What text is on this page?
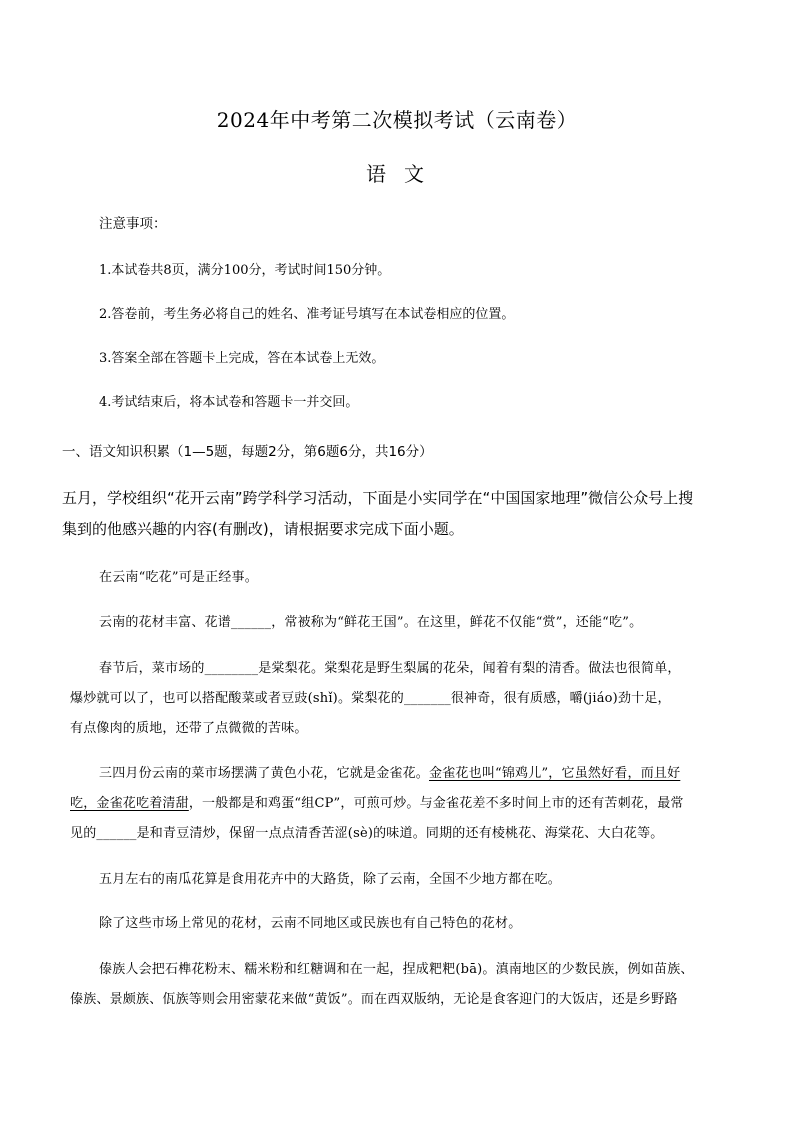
2024年中考第二次模拟考试（云南卷）
语文
注意事项：
1.本试卷共8页，满分100分，考试时间150分钟。
2.答卷前，考生务必将自己的姓名、准考证号填写在本试卷相应的位置。
3.答案全部在答题卡上完成，答在本试卷上无效。
4.考试结束后，将本试卷和答题卡一并交回。
一、语文知识积累（1—5题，每题2分，第6题6分，共16分）
五月，学校组织“花开云南”跨学科学习活动，下面是小实同学在“中国国家地理”微信公众号上搜
集到的他感兴趣的内容(有删改)，请根据要求完成下面小题。
在云南“吃花”可是正经事。
云南的花材丰富、花谱______，常被称为“鲜花王国”。在这里，鲜花不仅能“赏”，还能“吃”。
春节后，菜市场的________是棠梨花。棠梨花是野生梨属的花朵，闻着有梨的清香。做法也很简单，
爆炒就可以了，也可以搭配酸菜或者豆豉(shǐ)。棠梨花的_______很神奇，很有质感，嚼(jiáo)劲十足，
有点像肉的质地，还带了点微微的苦味。
三四月份云南的菜市场摆满了黄色小花，它就是金雀花。金雀花也叫“锦鸡儿”，它虽然好看，而且好
吃，金雀花吃着清甜，一般都是和鸡蛋“组CP”，可煎可炒。与金雀花差不多时间上市的还有苦刺花，最常
见的______是和青豆清炒，保留一点点清香苦涩(sè)的味道。同期的还有棱桃花、海棠花、大白花等。
五月左右的南瓜花算是食用花卉中的大路货，除了云南，全国不少地方都在吃。
除了这些市场上常见的花材，云南不同地区或民族也有自己特色的花材。
傣族人会把石榫花粉末、糯米粉和红糖调和在一起，捏成粑粑(bā)。滇南地区的少数民族，例如苗族、
傣族、景颇族、佤族等则会用密蒙花来做“黄饭”。而在西双版纳，无论是食客迎门的大饭店，还是乡野路
